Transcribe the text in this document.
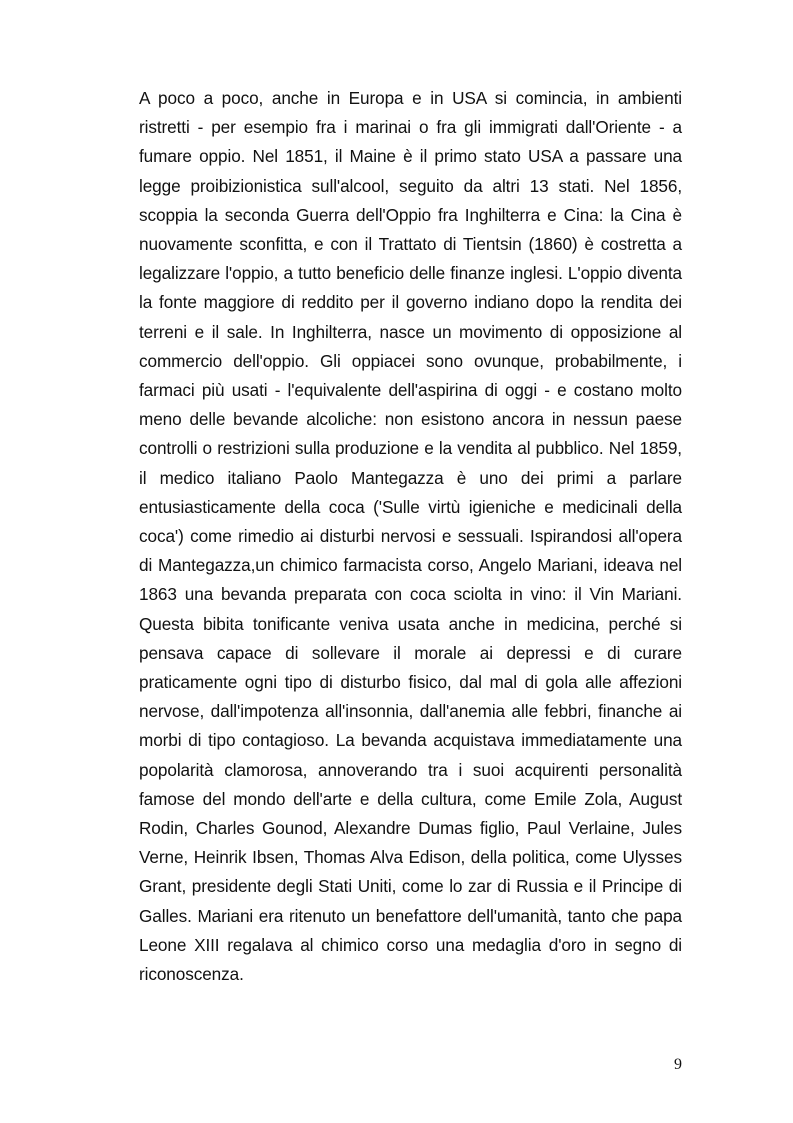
A poco a poco, anche in Europa e in USA si comincia, in ambienti ristretti - per esempio fra i marinai o fra gli immigrati dall'Oriente - a fumare oppio. Nel 1851, il Maine è il primo stato USA a passare una legge proibizionistica sull'alcool, seguito da altri 13 stati. Nel 1856, scoppia la seconda Guerra dell'Oppio fra Inghilterra e Cina: la Cina è nuovamente sconfitta, e con il Trattato di Tientsin (1860) è costretta a legalizzare l'oppio, a tutto beneficio delle finanze inglesi. L'oppio diventa la fonte maggiore di reddito per il governo indiano dopo la rendita dei terreni e il sale. In Inghilterra, nasce un movimento di opposizione al commercio dell'oppio. Gli oppiacei sono ovunque, probabilmente, i farmaci più usati - l'equivalente dell'aspirina di oggi - e costano molto meno delle bevande alcoliche: non esistono ancora in nessun paese controlli o restrizioni sulla produzione e la vendita al pubblico. Nel 1859, il medico italiano Paolo Mantegazza è uno dei primi a parlare entusiasticamente della coca ('Sulle virtù igieniche e medicinali della coca') come rimedio ai disturbi nervosi e sessuali. Ispirandosi all'opera di Mantegazza,un chimico farmacista corso, Angelo Mariani, ideava nel 1863 una bevanda preparata con coca sciolta in vino: il Vin Mariani. Questa bibita tonificante veniva usata anche in medicina, perché si pensava capace di sollevare il morale ai depressi e di curare praticamente ogni tipo di disturbo fisico, dal mal di gola alle affezioni nervose, dall'impotenza all'insonnia, dall'anemia alle febbri, finanche ai morbi di tipo contagioso. La bevanda acquistava immediatamente una popolarità clamorosa, annoverando tra i suoi acquirenti personalità famose del mondo dell'arte e della cultura, come Emile Zola, August Rodin, Charles Gounod, Alexandre Dumas figlio, Paul Verlaine, Jules Verne, Heinrik Ibsen, Thomas Alva Edison, della politica, come Ulysses Grant, presidente degli Stati Uniti, come lo zar di Russia e il Principe di Galles. Mariani era ritenuto un benefattore dell'umanità, tanto che papa Leone XIII regalava al chimico corso una medaglia d'oro in segno di riconoscenza.

9
